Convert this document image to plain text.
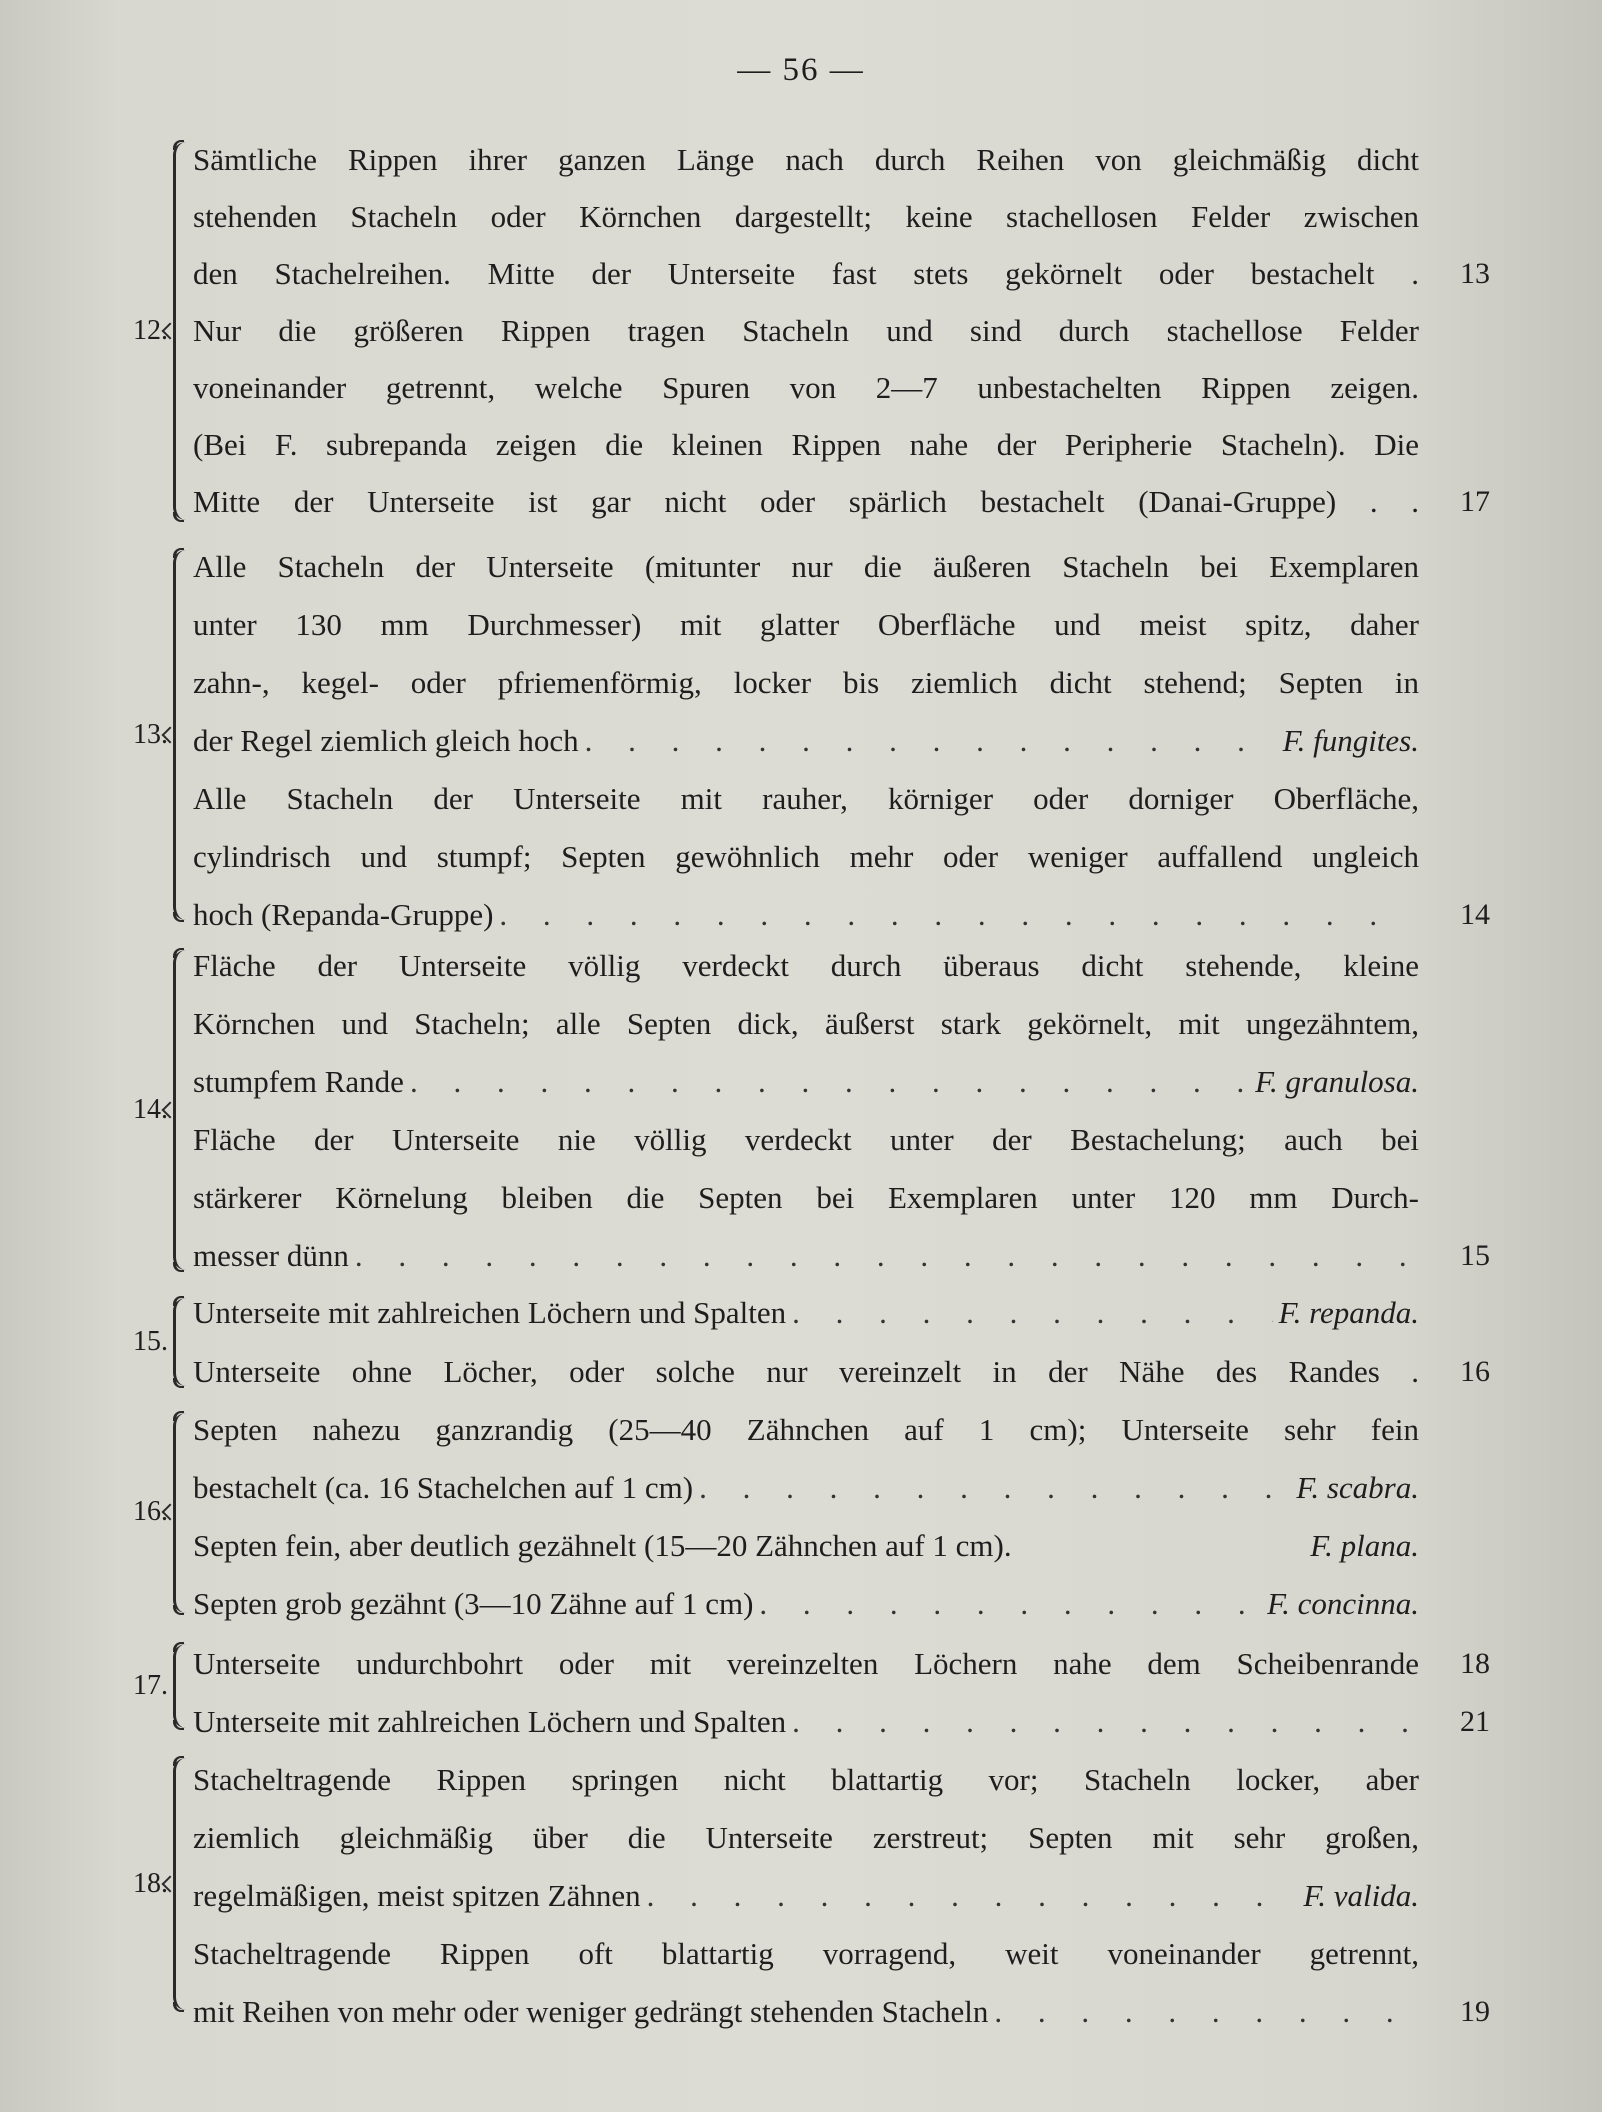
— 56 —
12.
Sämtliche Rippen ihrer ganzen Länge nach durch Reihen von gleichmäßig dicht
stehenden Stacheln oder Körnchen dargestellt; keine stachellosen Felder zwischen
den Stachelreihen. Mitte der Unterseite fast stets gekörnelt oder bestachelt .	13
Nur die größeren Rippen tragen Stacheln und sind durch stachellose Felder
voneinander getrennt, welche Spuren von 2—7 unbestachelten Rippen zeigen.
(Bei F. subrepanda zeigen die kleinen Rippen nahe der Peripherie Stacheln). Die
Mitte der Unterseite ist gar nicht oder spärlich bestachelt (Danai-Gruppe) . .	17
13.
Alle Stacheln der Unterseite (mitunter nur die äußeren Stacheln bei Exemplaren
unter 130 mm Durchmesser) mit glatter Oberfläche und meist spitz, daher
zahn-, kegel- oder pfriemenförmig, locker bis ziemlich dicht stehend; Septen in
der Regel ziemlich gleich hoch . . .	F. fungites.
Alle Stacheln der Unterseite mit rauher, körniger oder dorniger Oberfläche,
cylindrisch und stumpf; Septen gewöhnlich mehr oder weniger auffallend ungleich
hoch (Repanda-Gruppe) . . .	14
14.
Fläche der Unterseite völlig verdeckt durch überaus dicht stehende, kleine
Körnchen und Stacheln; alle Septen dick, äußerst stark gekörnelt, mit ungezähntem,
stumpfem Rande . . .	F. granulosa.
Fläche der Unterseite nie völlig verdeckt unter der Bestachelung; auch bei
stärkerer Körnelung bleiben die Septen bei Exemplaren unter 120 mm Durch-
messer dünn . . .	15
15.
Unterseite mit zahlreichen Löchern und Spalten . . .	F. repanda.
Unterseite ohne Löcher, oder solche nur vereinzelt in der Nähe des Randes .	16
16.
Septen nahezu ganzrandig (25—40 Zähnchen auf 1 cm); Unterseite sehr fein
bestachelt (ca. 16 Stachelchen auf 1 cm) . . .	F. scabra.
Septen fein, aber deutlich gezähnelt (15—20 Zähnchen auf 1 cm).	F. plana.
Septen grob gezähnt (3—10 Zähne auf 1 cm) . . .	F. concinna.
17.
Unterseite undurchbohrt oder mit vereinzelten Löchern nahe dem Scheibenrande	18
Unterseite mit zahlreichen Löchern und Spalten . . .	21
18.
Stacheltragende Rippen springen nicht blattartig vor; Stacheln locker, aber
ziemlich gleichmäßig über die Unterseite zerstreut; Septen mit sehr großen,
regelmäßigen, meist spitzen Zähnen . . .	F. valida.
Stacheltragende Rippen oft blattartig vorragend, weit voneinander getrennt,
mit Reihen von mehr oder weniger gedrängt stehenden Stacheln . . .	19
